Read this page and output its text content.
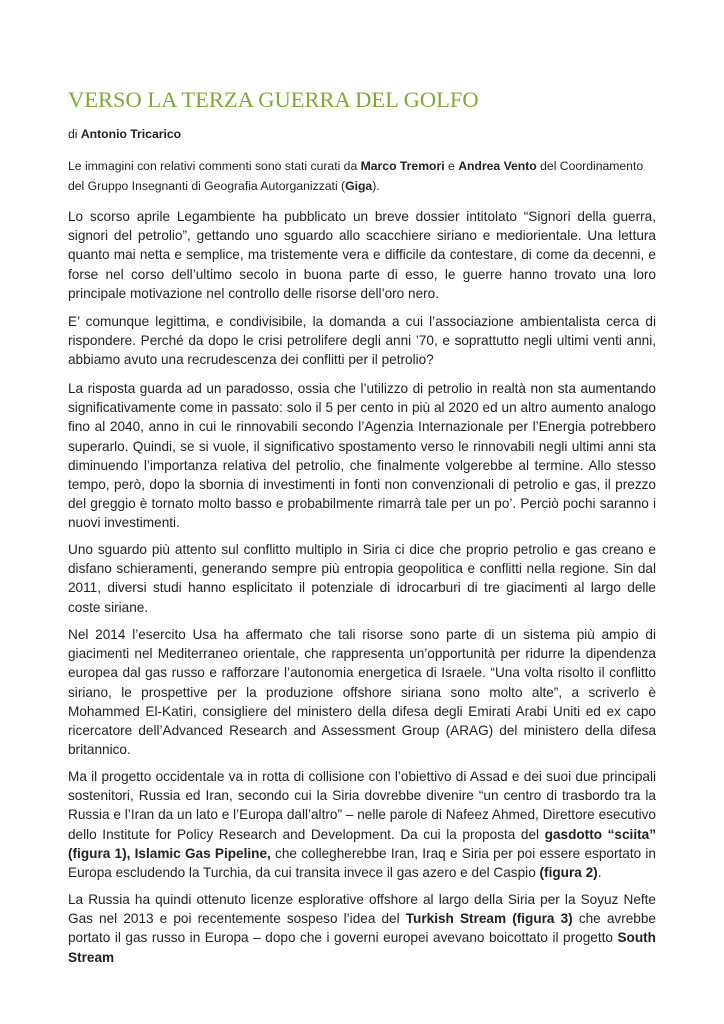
VERSO LA TERZA GUERRA DEL GOLFO
di Antonio Tricarico
Le immagini con relativi commenti sono stati curati da Marco Tremori e Andrea Vento del Coordinamento del Gruppo Insegnanti di Geografia Autorganizzati (Giga).

Lo scorso aprile Legambiente ha pubblicato un breve dossier intitolato “Signori della guerra, signori del petrolio”, gettando uno sguardo allo scacchiere siriano e mediorientale. Una lettura quanto mai netta e semplice, ma tristemente vera e difficile da contestare, di come da decenni, e forse nel corso dell’ultimo secolo in buona parte di esso, le guerre hanno trovato una loro principale motivazione nel controllo delle risorse dell’oro nero.

E’ comunque legittima, e condivisibile, la domanda a cui l’associazione ambientalista cerca di rispondere. Perché da dopo le crisi petrolifere degli anni ’70, e soprattutto negli ultimi venti anni, abbiamo avuto una recrudescenza dei conflitti per il petrolio?

La risposta guarda ad un paradosso, ossia che l’utilizzo di petrolio in realtà non sta aumentando significativamente come in passato: solo il 5 per cento in più al 2020 ed un altro aumento analogo fino al 2040, anno in cui le rinnovabili secondo l’Agenzia Internazionale per l’Energia potrebbero superarlo. Quindi, se si vuole, il significativo spostamento verso le rinnovabili negli ultimi anni sta diminuendo l’importanza relativa del petrolio, che finalmente volgerebbe al termine. Allo stesso tempo, però, dopo la sbornia di investimenti in fonti non convenzionali di petrolio e gas, il prezzo del greggio è tornato molto basso e probabilmente rimarrà tale per un po’. Perciò pochi saranno i nuovi investimenti.

Uno sguardo più attento sul conflitto multiplo in Siria ci dice che proprio petrolio e gas creano e disfano schieramenti, generando sempre più entropia geopolitica e conflitti nella regione. Sin dal 2011, diversi studi hanno esplicitato il potenziale di idrocarburi di tre giacimenti al largo delle coste siriane.

Nel 2014 l’esercito Usa ha affermato che tali risorse sono parte di un sistema più ampio di giacimenti nel Mediterraneo orientale, che rappresenta un’opportunità per ridurre la dipendenza europea dal gas russo e rafforzare l’autonomia energetica di Israele. “Una volta risolto il conflitto siriano, le prospettive per la produzione offshore siriana sono molto alte”, a scriverlo è Mohammed El-Katiri, consigliere del ministero della difesa degli Emirati Arabi Uniti ed ex capo ricercatore dell’Advanced Research and Assessment Group (ARAG) del ministero della difesa britannico.

Ma il progetto occidentale va in rotta di collisione con l’obiettivo di Assad e dei suoi due principali sostenitori, Russia ed Iran, secondo cui la Siria dovrebbe divenire “un centro di trasbordo tra la Russia e l’Iran da un lato e l’Europa dall’altro” – nelle parole di Nafeez Ahmed, Direttore esecutivo dello Institute for Policy Research and Development. Da cui la proposta del gasdotto “sciita” (figura 1), Islamic Gas Pipeline, che collegherebbe Iran, Iraq e Siria per poi essere esportato in Europa escludendo la Turchia, da cui transita invece il gas azero e del Caspio (figura 2).

La Russia ha quindi ottenuto licenze esplorative offshore al largo della Siria per la Soyuz Nefte Gas nel 2013 e poi recentemente sospeso l’idea del Turkish Stream (figura 3) che avrebbe portato il gas russo in Europa – dopo che i governi europei avevano boicottato il progetto South Stream
